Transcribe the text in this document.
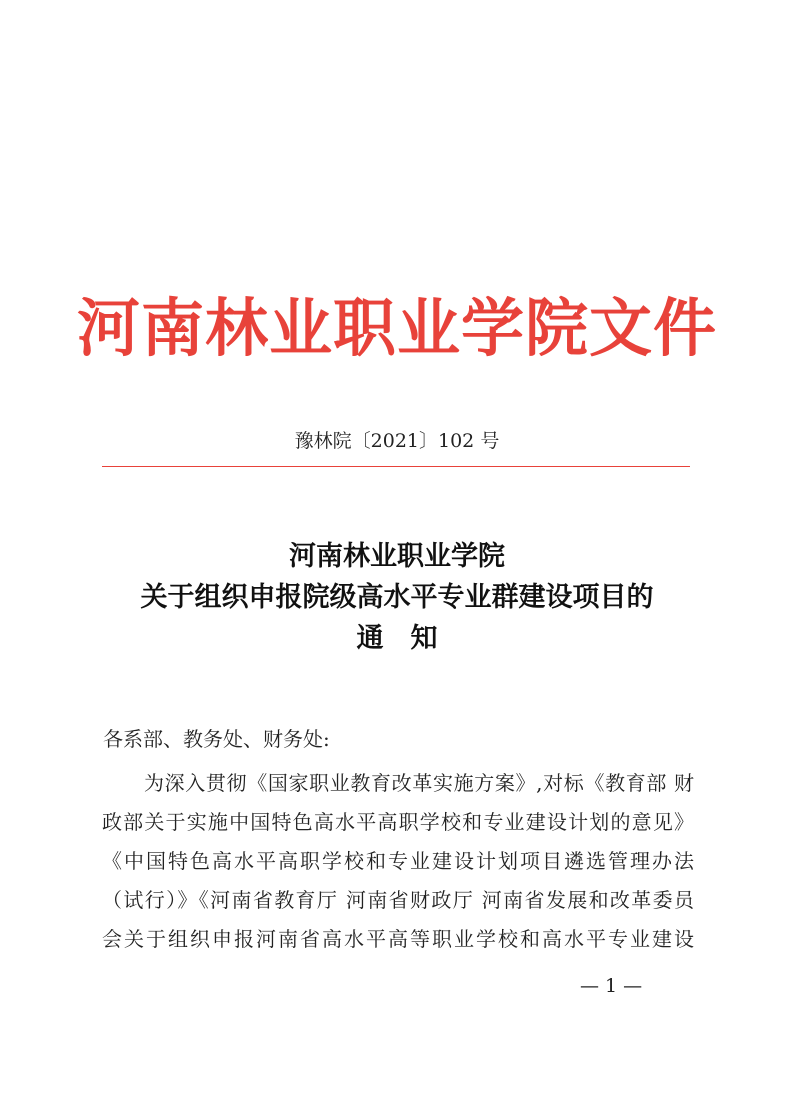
河南林业职业学院文件
豫林院〔2021〕102 号
河南林业职业学院
关于组织申报院级高水平专业群建设项目的
通　知
各系部、教务处、财务处:
为深入贯彻《国家职业教育改革实施方案》,对标《教育部 财
政部关于实施中国特色高水平高职学校和专业建设计划的意见》
《中国特色高水平高职学校和专业建设计划项目遴选管理办法
（试行）》《河南省教育厅 河南省财政厅 河南省发展和改革委员
会关于组织申报河南省高水平高等职业学校和高水平专业建设
— 1 —
